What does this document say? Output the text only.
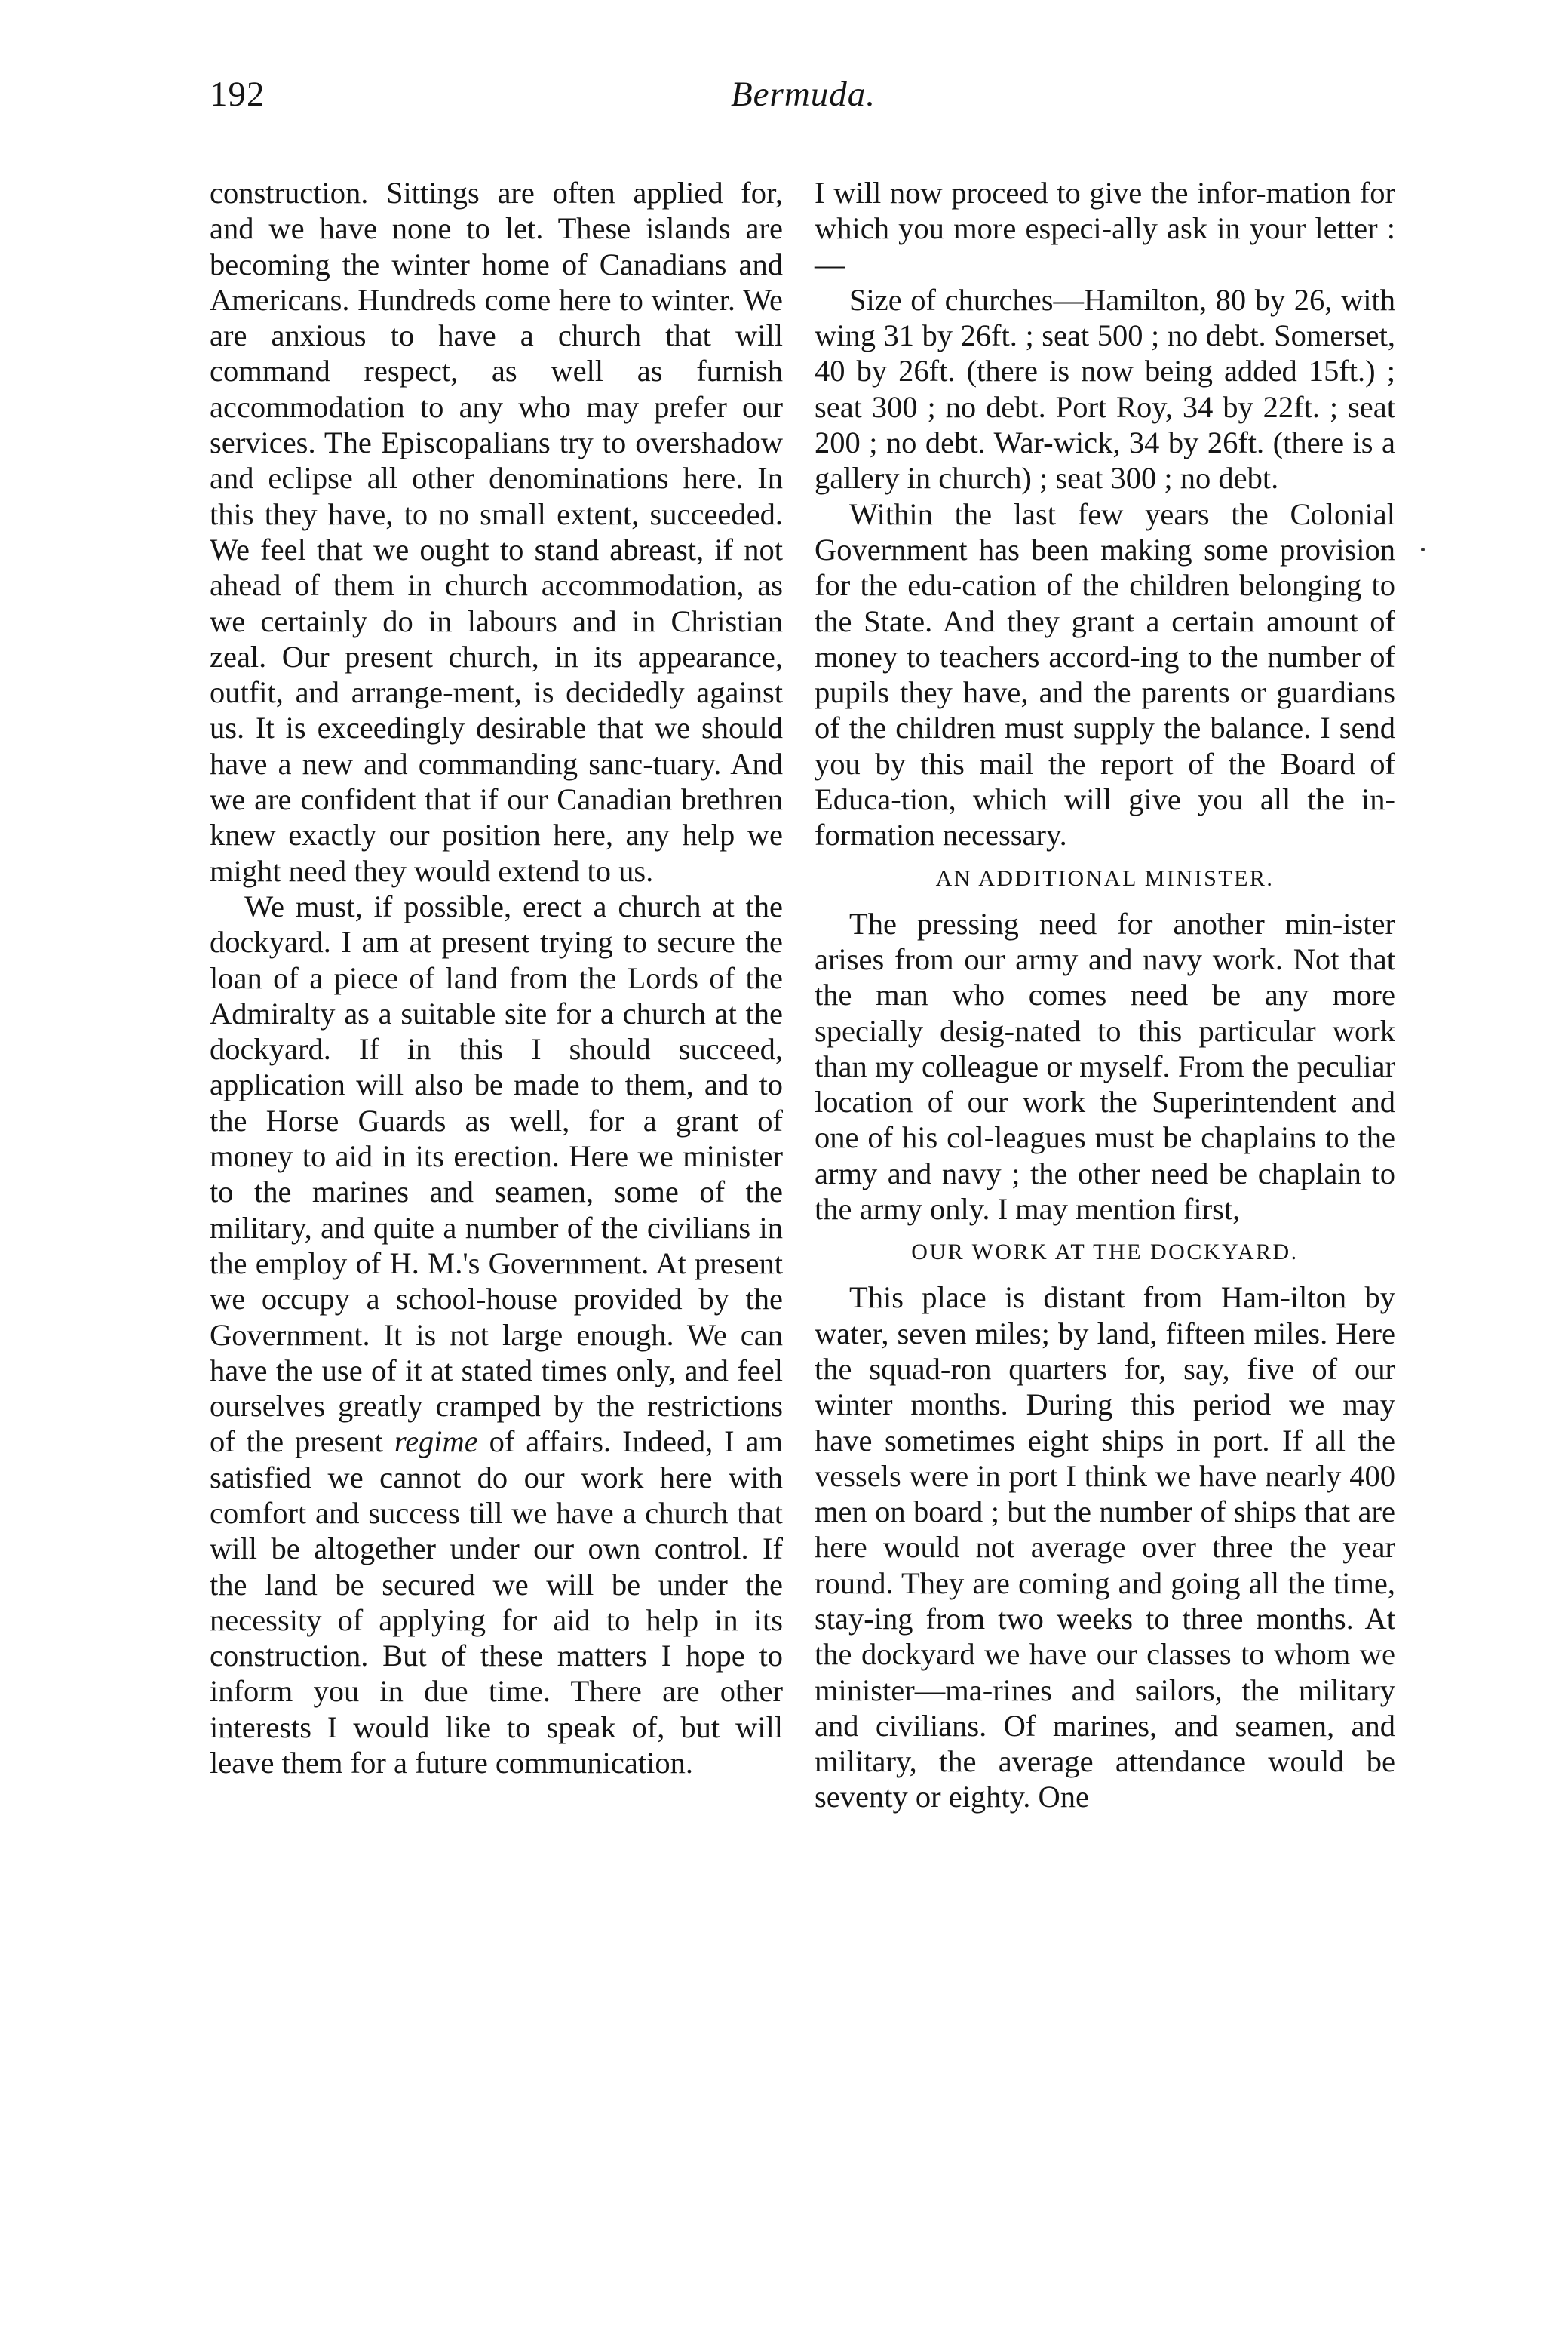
192	Bermuda.

construction. Sittings are often applied for, and we have none to let. These islands are becoming the winter home of Canadians and Americans. Hundreds come here to winter. We are anxious to have a church that will command respect, as well as furnish accommodation to any who may prefer our services. The Episcopalians try to overshadow and eclipse all other denominations here. In this they have, to no small extent, succeeded. We feel that we ought to stand abreast, if not ahead of them in church accommodation, as we certainly do in labours and in Christian zeal. Our present church, in its appearance, outfit, and arrange-ment, is decidedly against us. It is exceedingly desirable that we should have a new and commanding sanc-tuary. And we are confident that if our Canadian brethren knew exactly our position here, any help we might need they would extend to us.

We must, if possible, erect a church at the dockyard. I am at present trying to secure the loan of a piece of land from the Lords of the Admiralty as a suitable site for a church at the dockyard. If in this I should succeed, application will also be made to them, and to the Horse Guards as well, for a grant of money to aid in its erection. Here we minister to the marines and seamen, some of the military, and quite a number of the civilians in the employ of H. M.'s Government. At present we occupy a school-house provided by the Government. It is not large enough. We can have the use of it at stated times only, and feel ourselves greatly cramped by the restrictions of the present regime of affairs. Indeed, I am satisfied we cannot do our work here with comfort and success till we have a church that will be altogether under our own control. If the land be secured we will be under the necessity of applying for aid to help in its construction. But of these matters I hope to inform you in due time. There are other interests I would like to speak of, but will leave them for a future communication.

I will now proceed to give the infor-mation for which you more especi-ally ask in your letter :—

Size of churches—Hamilton, 80 by 26, with wing 31 by 26ft. ; seat 500 ; no debt. Somerset, 40 by 26ft. (there is now being added 15ft.) ; seat 300 ; no debt. Port Roy, 34 by 22ft. ; seat 200 ; no debt. War-wick, 34 by 26ft. (there is a gallery in church) ; seat 300 ; no debt.

Within the last few years the Colonial Government has been making some provision for the edu-cation of the children belonging to the State. And they grant a certain amount of money to teachers accord-ing to the number of pupils they have, and the parents or guardians of the children must supply the balance. I send you by this mail the report of the Board of Educa-tion, which will give you all the in-formation necessary.

AN ADDITIONAL MINISTER.

The pressing need for another min-ister arises from our army and navy work. Not that the man who comes need be any more specially desig-nated to this particular work than my colleague or myself. From the peculiar location of our work the Superintendent and one of his col-leagues must be chaplains to the army and navy ; the other need be chaplain to the army only. I may mention first,

OUR WORK AT THE DOCKYARD.

This place is distant from Ham-ilton by water, seven miles; by land, fifteen miles. Here the squad-ron quarters for, say, five of our winter months. During this period we may have sometimes eight ships in port. If all the vessels were in port I think we have nearly 400 men on board ; but the number of ships that are here would not average over three the year round. They are coming and going all the time, stay-ing from two weeks to three months. At the dockyard we have our classes to whom we minister—ma-rines and sailors, the military and civilians. Of marines, and seamen, and military, the average attendance would be seventy or eighty. One
